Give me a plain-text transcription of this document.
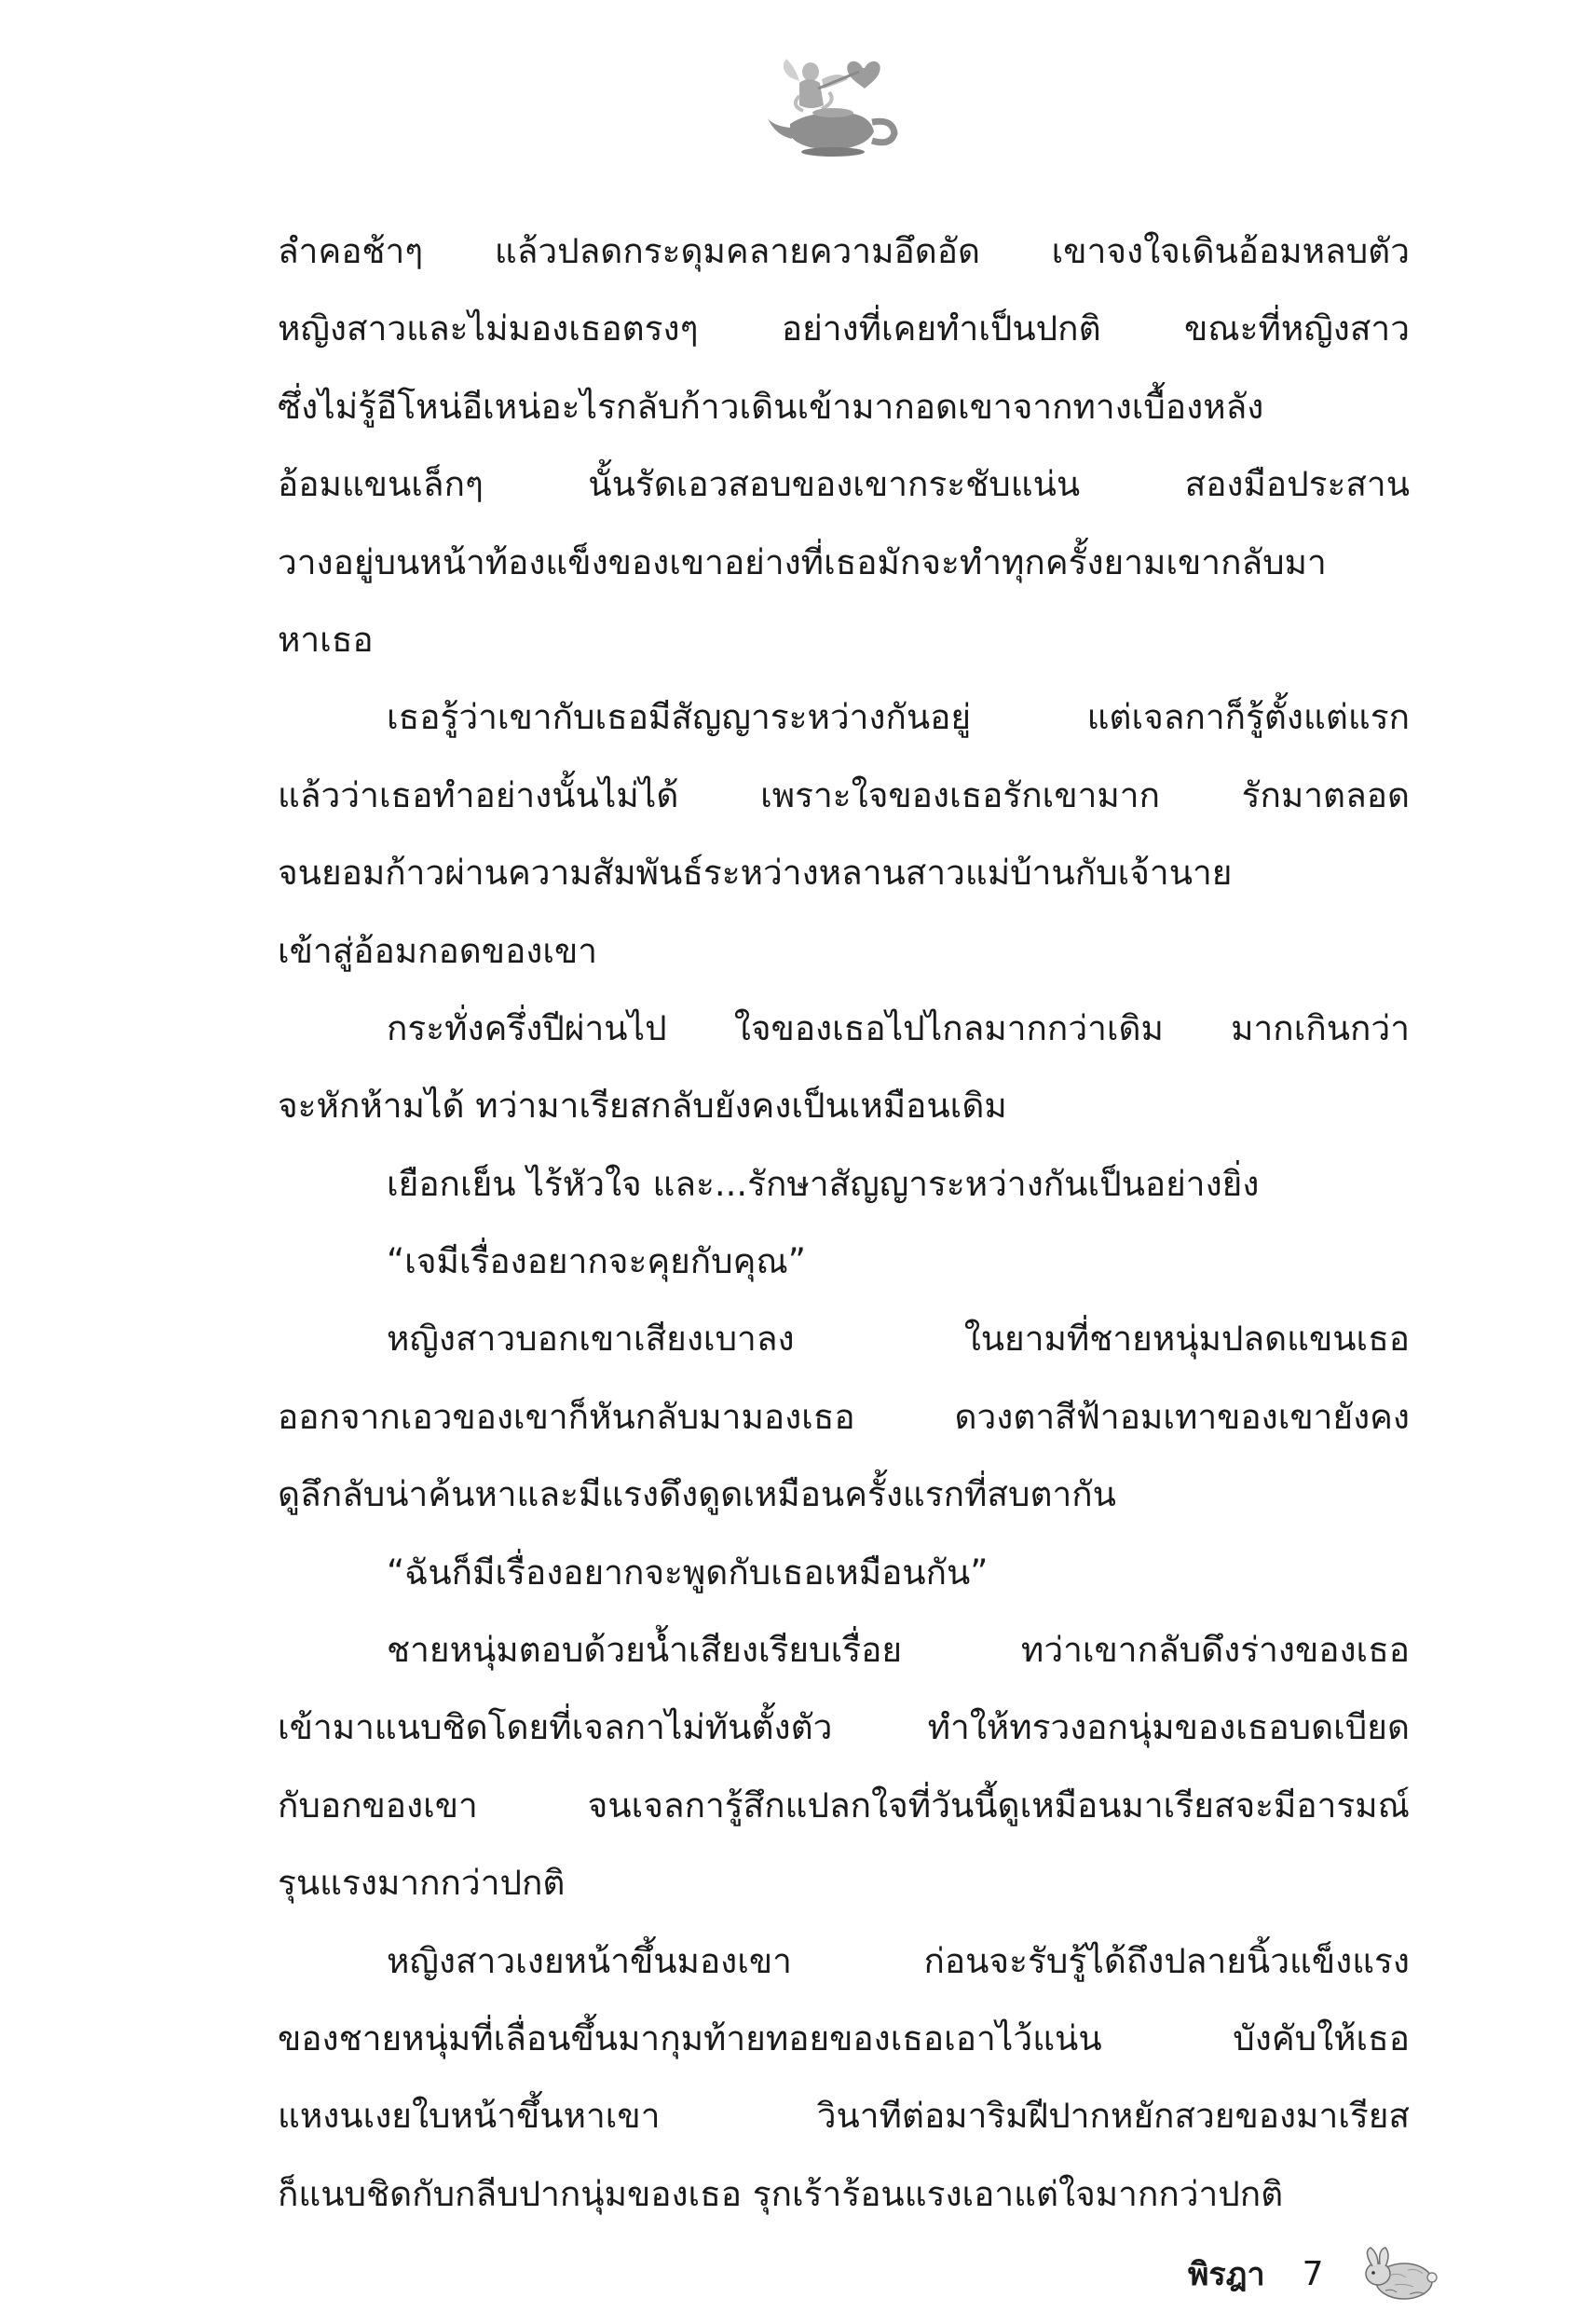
ลำคอช้าๆ แล้วปลดกระดุมคลายความอึดอัด เขาจงใจเดินอ้อมหลบตัว
หญิงสาวและไม่มองเธอตรงๆ อย่างที่เคยทำเป็นปกติ ขณะที่หญิงสาว
ซึ่งไม่รู้อีโหน่อีเหน่อะไรกลับก้าวเดินเข้ามากอดเขาจากทางเบื้องหลัง
อ้อมแขนเล็กๆ นั้นรัดเอวสอบของเขากระชับแน่น สองมือประสาน
วางอยู่บนหน้าท้องแข็งของเขาอย่างที่เธอมักจะทำทุกครั้งยามเขากลับมา
หาเธอ
เธอรู้ว่าเขากับเธอมีสัญญาระหว่างกันอยู่ แต่เจลกาก็รู้ตั้งแต่แรก
แล้วว่าเธอทำอย่างนั้นไม่ได้ เพราะใจของเธอรักเขามาก รักมาตลอด
จนยอมก้าวผ่านความสัมพันธ์ระหว่างหลานสาวแม่บ้านกับเจ้านาย
เข้าสู่อ้อมกอดของเขา
กระทั่งครึ่งปีผ่านไป ใจของเธอไปไกลมากกว่าเดิม มากเกินกว่า
จะหักห้ามได้ ทว่ามาเรียสกลับยังคงเป็นเหมือนเดิม
เยือกเย็น ไร้หัวใจ และ...รักษาสัญญาระหว่างกันเป็นอย่างยิ่ง
“เจมีเรื่องอยากจะคุยกับคุณ”
หญิงสาวบอกเขาเสียงเบาลง ในยามที่ชายหนุ่มปลดแขนเธอ
ออกจากเอวของเขาก็หันกลับมามองเธอ ดวงตาสีฟ้าอมเทาของเขายังคง
ดูลึกลับน่าค้นหาและมีแรงดึงดูดเหมือนครั้งแรกที่สบตากัน
“ฉันก็มีเรื่องอยากจะพูดกับเธอเหมือนกัน”
ชายหนุ่มตอบด้วยน้ำเสียงเรียบเรื่อย ทว่าเขากลับดึงร่างของเธอ
เข้ามาแนบชิดโดยที่เจลกาไม่ทันตั้งตัว ทำให้ทรวงอกนุ่มของเธอบดเบียด
กับอกของเขา จนเจลการู้สึกแปลกใจที่วันนี้ดูเหมือนมาเรียสจะมีอารมณ์
รุนแรงมากกว่าปกติ
หญิงสาวเงยหน้าขึ้นมองเขา ก่อนจะรับรู้ได้ถึงปลายนิ้วแข็งแรง
ของชายหนุ่มที่เลื่อนขึ้นมากุมท้ายทอยของเธอเอาไว้แน่น บังคับให้เธอ
แหงนเงยใบหน้าขึ้นหาเขา วินาทีต่อมาริมฝีปากหยักสวยของมาเรียส
ก็แนบชิดกับกลีบปากนุ่มของเธอ รุกเร้าร้อนแรงเอาแต่ใจมากกว่าปกติ
พิรฎา 7
